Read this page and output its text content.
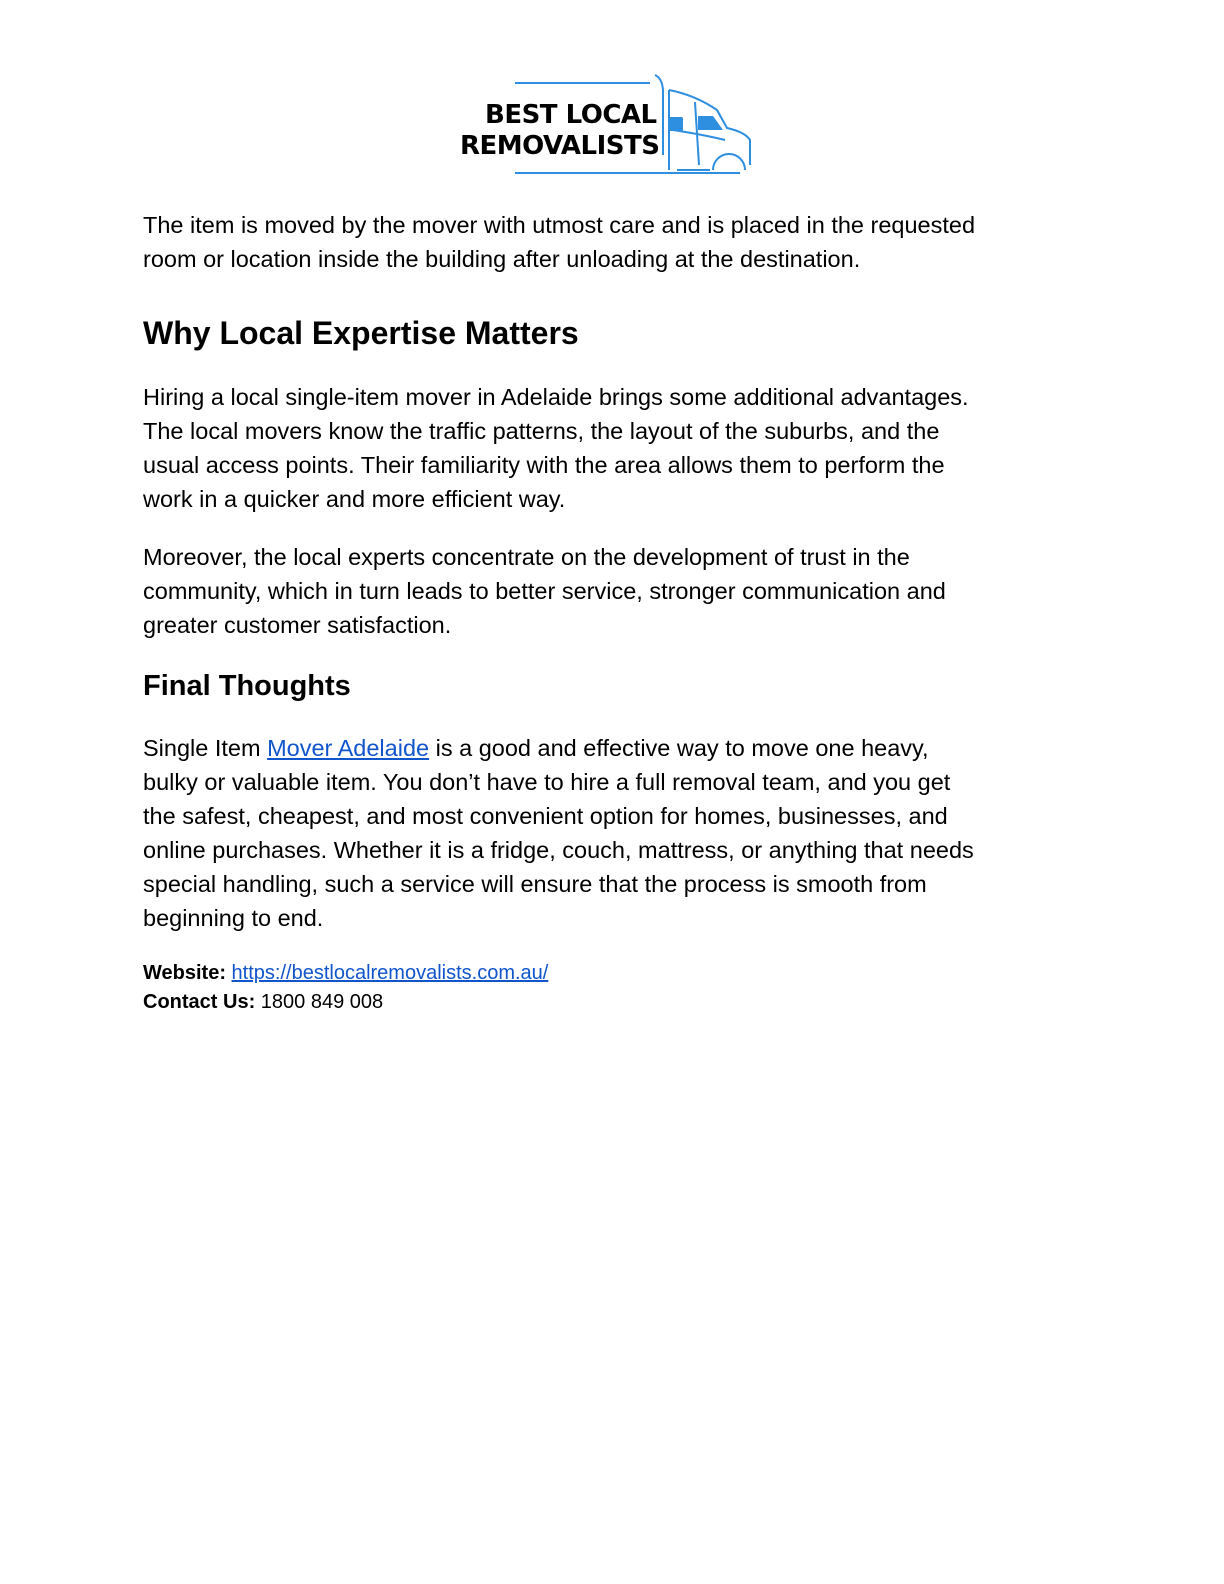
BEST LOCAL
REMOVALISTS
The item is moved by the mover with utmost care and is placed in the requested
room or location inside the building after unloading at the destination.
Why Local Expertise Matters
Hiring a local single-item mover in Adelaide brings some additional advantages.
The local movers know the traffic patterns, the layout of the suburbs, and the
usual access points. Their familiarity with the area allows them to perform the
work in a quicker and more efficient way.
Moreover, the local experts concentrate on the development of trust in the
community, which in turn leads to better service, stronger communication and
greater customer satisfaction.
Final Thoughts
Single Item Mover Adelaide is a good and effective way to move one heavy,
bulky or valuable item. You don’t have to hire a full removal team, and you get
the safest, cheapest, and most convenient option for homes, businesses, and
online purchases. Whether it is a fridge, couch, mattress, or anything that needs
special handling, such a service will ensure that the process is smooth from
beginning to end.
Website: https://bestlocalremovalists.com.au/
Contact Us: 1800 849 008
